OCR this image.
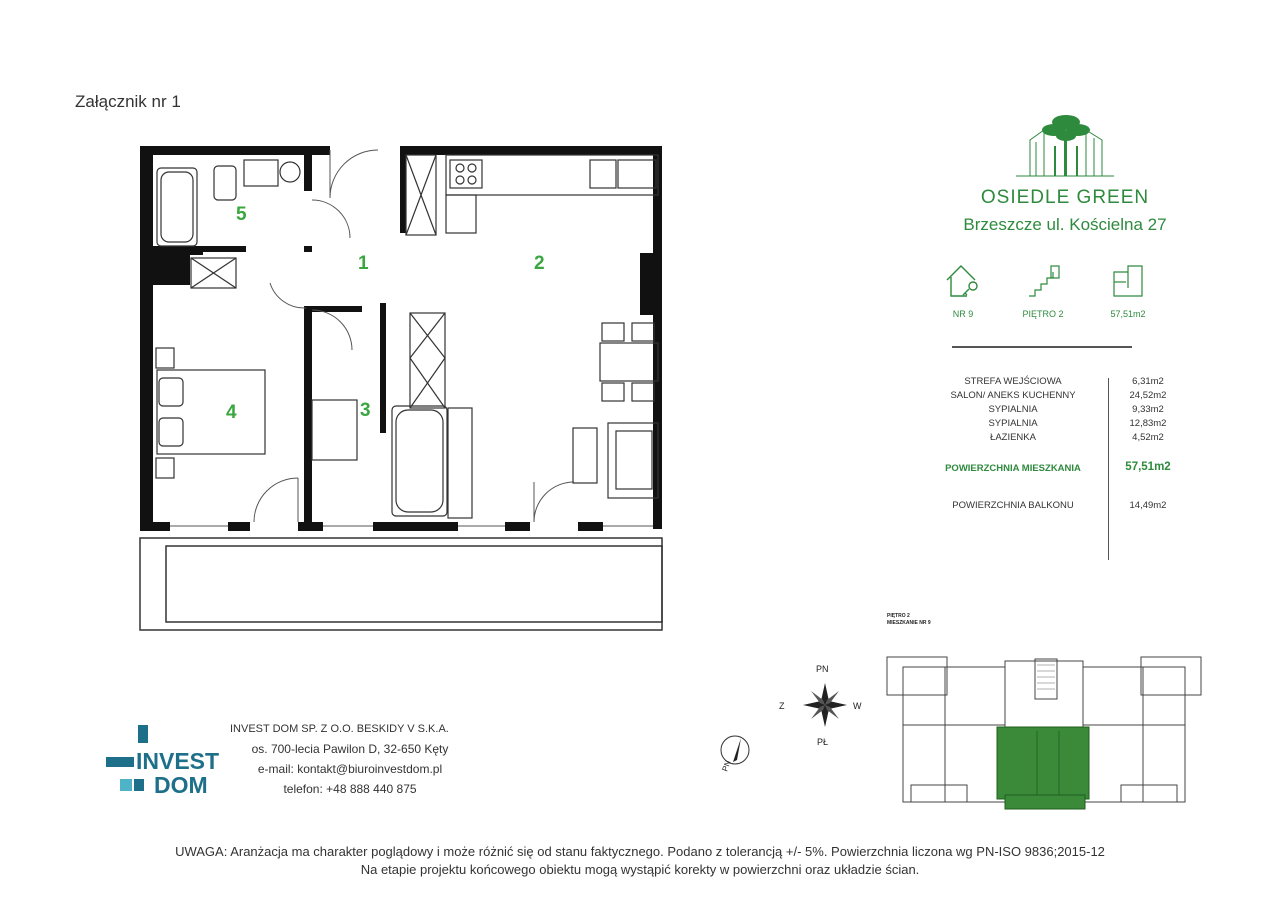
Załącznik nr 1
1	2
3
4
5
OSIEDLE GREEN
Brzeszcze ul. Kościelna 27
NR 9	PIĘTRO 2	57,51m2
STREFA WEJŚCIOWA	6,31m2
SALON/ ANEKS KUCHENNY	24,52m2
SYPIALNIA	9,33m2
SYPIALNIA	12,83m2
ŁAZIENKA	4,52m2
POWIERZCHNIA MIESZKANIA	57,51m2
POWIERZCHNIA BALKONU	14,49m2
INVEST
DOM
INVEST DOM SP. Z O.O. BESKIDY V S.K.A.
os. 700-lecia Pawilon D, 32-650 Kęty
e-mail: kontakt@biuroinvestdom.pl
telefon: +48 888 440 875
PIĘTRO 2
MIESZKANIE NR 9
PN
PŁ
W
Z
PN
UWAGA: Aranżacja ma charakter poglądowy i może różnić się od stanu faktycznego. Podano z tolerancją +/- 5%. Powierzchnia liczona wg PN-ISO 9836;2015-12
Na etapie projektu końcowego obiektu mogą wystąpić korekty w powierzchni oraz układzie ścian.
